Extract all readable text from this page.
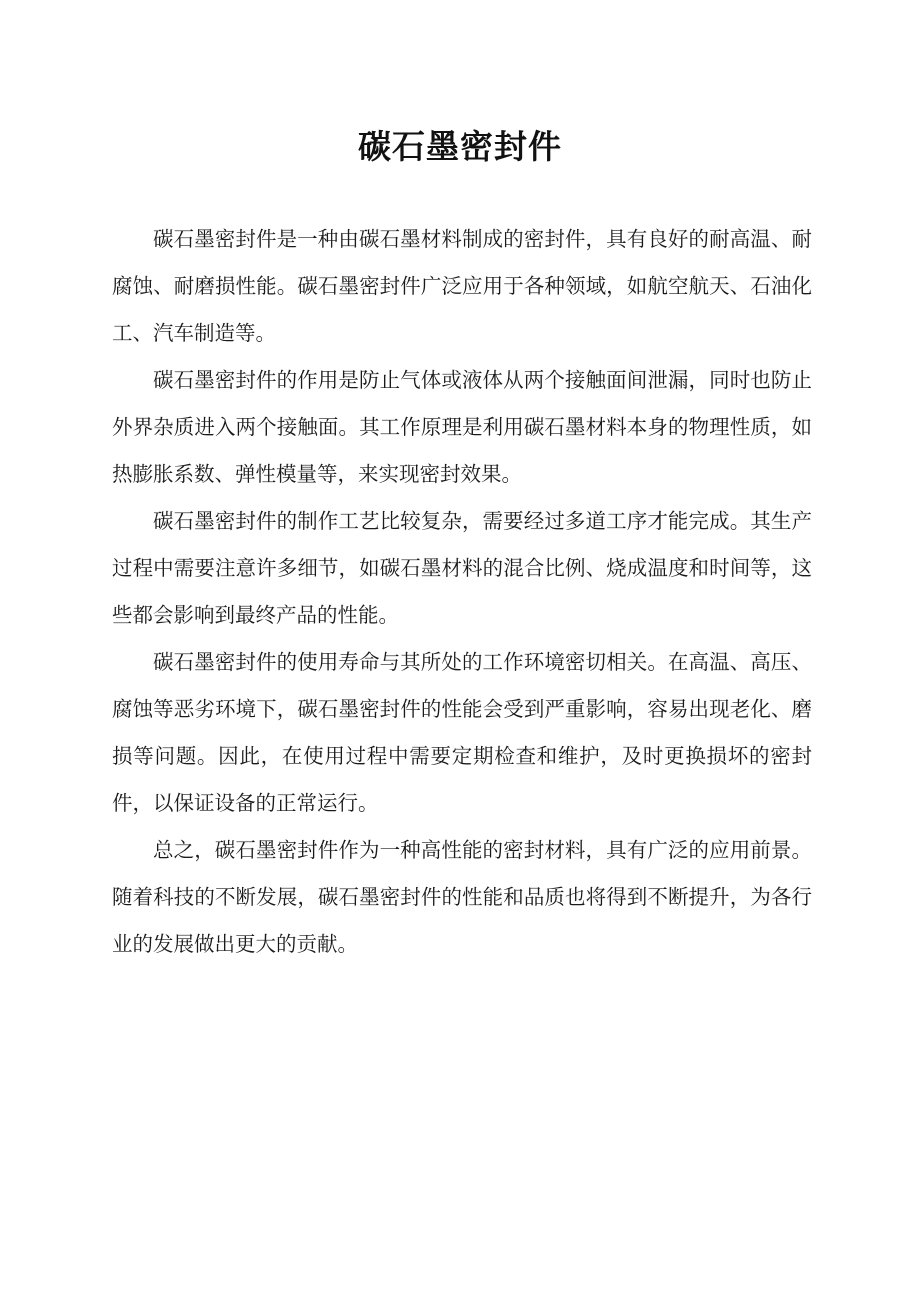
碳石墨密封件

碳石墨密封件是一种由碳石墨材料制成的密封件，具有良好的耐高温、耐腐蚀、耐磨损性能。碳石墨密封件广泛应用于各种领域，如航空航天、石油化工、汽车制造等。

碳石墨密封件的作用是防止气体或液体从两个接触面间泄漏，同时也防止外界杂质进入两个接触面。其工作原理是利用碳石墨材料本身的物理性质，如热膨胀系数、弹性模量等，来实现密封效果。

碳石墨密封件的制作工艺比较复杂，需要经过多道工序才能完成。其生产过程中需要注意许多细节，如碳石墨材料的混合比例、烧成温度和时间等，这些都会影响到最终产品的性能。

碳石墨密封件的使用寿命与其所处的工作环境密切相关。在高温、高压、腐蚀等恶劣环境下，碳石墨密封件的性能会受到严重影响，容易出现老化、磨损等问题。因此，在使用过程中需要定期检查和维护，及时更换损坏的密封件，以保证设备的正常运行。

总之，碳石墨密封件作为一种高性能的密封材料，具有广泛的应用前景。随着科技的不断发展，碳石墨密封件的性能和品质也将得到不断提升，为各行业的发展做出更大的贡献。
